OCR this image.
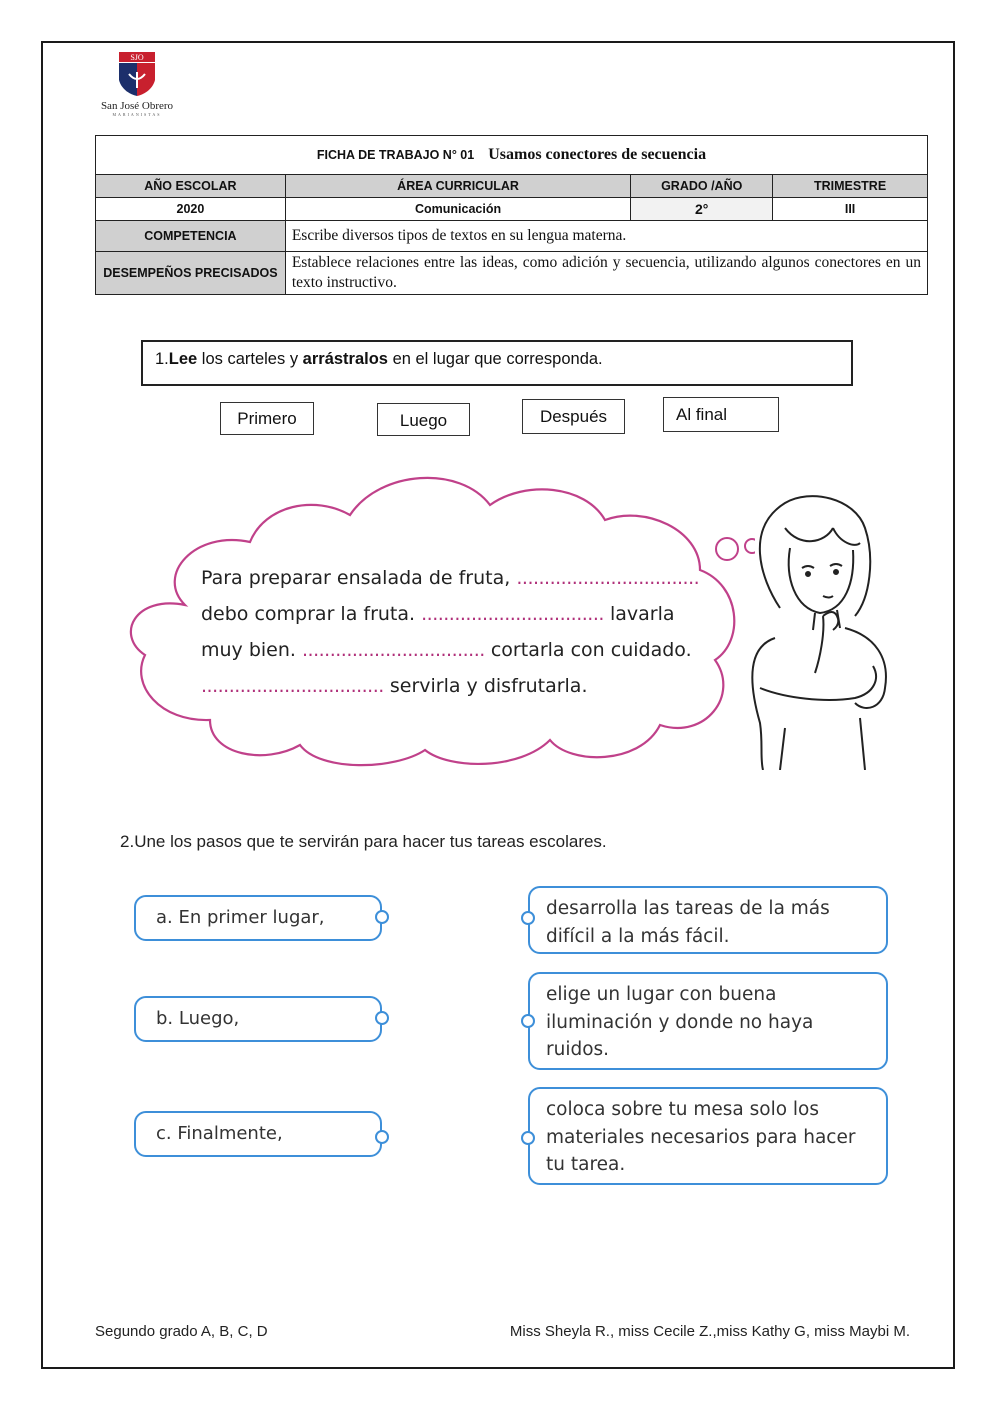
SJO
San José Obrero
MARIANISTAS
FICHA DE TRABAJO N° 01 Usamos conectores de secuencia			
AÑO ESCOLAR	ÁREA CURRICULAR	GRADO /AÑO	TRIMESTRE
2020	Comunicación	2°	III
COMPETENCIA	Escribe diversos tipos de textos en su lengua materna.		
DESEMPEÑOS PRECISADOS	Establece relaciones entre las ideas, como adición y secuencia, utilizando algunos conectores en un texto instructivo.		
1.Lee los carteles y arrástralos en el lugar que corresponda.
Primero	Luego	Después	Al final
Para preparar ensalada de fruta, .................................
debo comprar la fruta. ................................. lavarla
muy bien. ................................. cortarla con cuidado.
................................. servirla y disfrutarla.
2.Une los pasos que te servirán para hacer tus tareas escolares.
a. En primer lugar,
b. Luego,
c. Finalmente,
desarrolla las tareas de la más difícil a la más fácil.
elige un lugar con buena iluminación y donde no haya ruidos.
coloca sobre tu mesa solo los materiales necesarios para hacer tu tarea.
Segundo grado A, B, C, D	Miss Sheyla R., miss Cecile Z.,miss Kathy G, miss Maybi M.
